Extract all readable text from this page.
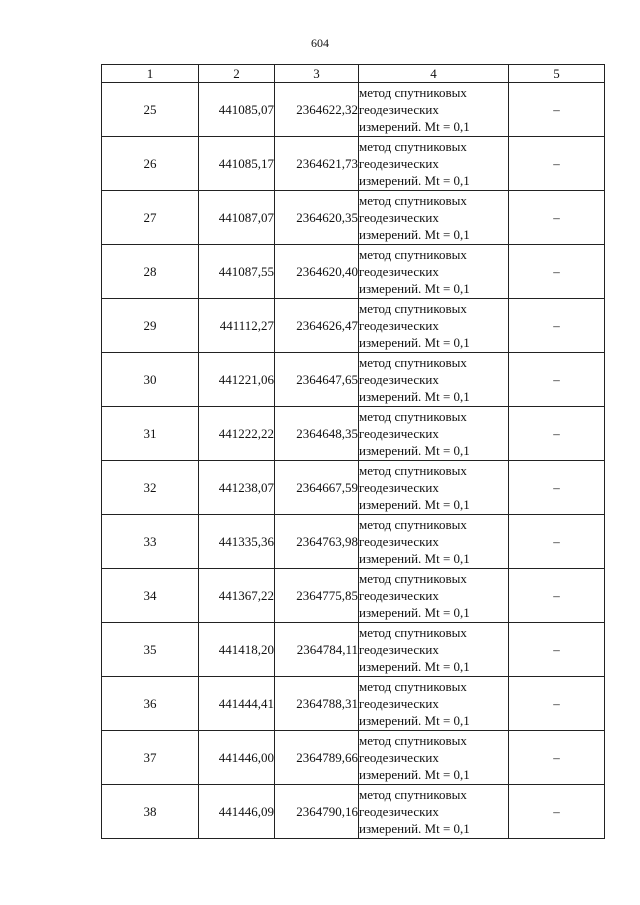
604
1	2	3	4	5
25	441085,07	2364622,32	метод спутниковых
геодезических
измерений. Mt = 0,1	–
26	441085,17	2364621,73	метод спутниковых
геодезических
измерений. Mt = 0,1	–
27	441087,07	2364620,35	метод спутниковых
геодезических
измерений. Mt = 0,1	–
28	441087,55	2364620,40	метод спутниковых
геодезических
измерений. Mt = 0,1	–
29	441112,27	2364626,47	метод спутниковых
геодезических
измерений. Mt = 0,1	–
30	441221,06	2364647,65	метод спутниковых
геодезических
измерений. Mt = 0,1	–
31	441222,22	2364648,35	метод спутниковых
геодезических
измерений. Mt = 0,1	–
32	441238,07	2364667,59	метод спутниковых
геодезических
измерений. Mt = 0,1	–
33	441335,36	2364763,98	метод спутниковых
геодезических
измерений. Mt = 0,1	–
34	441367,22	2364775,85	метод спутниковых
геодезических
измерений. Mt = 0,1	–
35	441418,20	2364784,11	метод спутниковых
геодезических
измерений. Mt = 0,1	–
36	441444,41	2364788,31	метод спутниковых
геодезических
измерений. Mt = 0,1	–
37	441446,00	2364789,66	метод спутниковых
геодезических
измерений. Mt = 0,1	–
38	441446,09	2364790,16	метод спутниковых
геодезических
измерений. Mt = 0,1	–
